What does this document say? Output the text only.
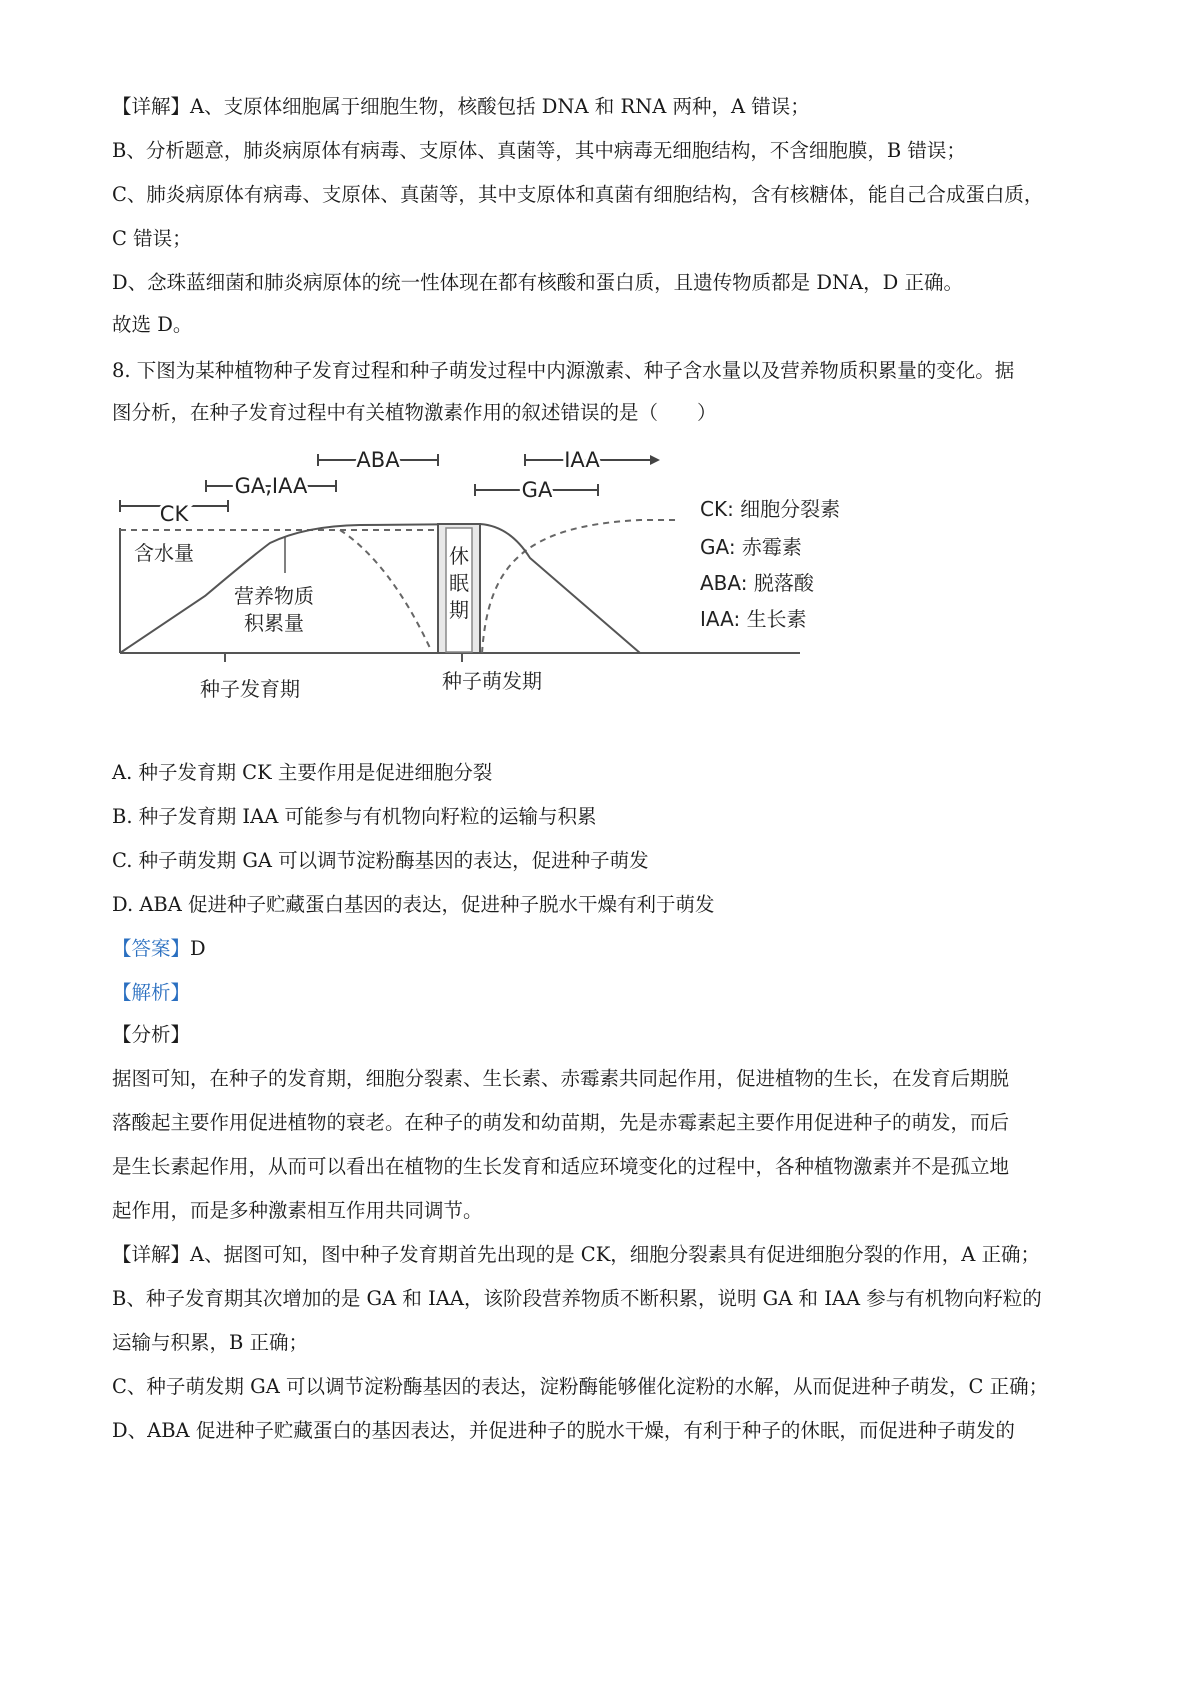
【详解】A、支原体细胞属于细胞生物，核酸包括 DNA 和 RNA 两种，A 错误；
B、分析题意，肺炎病原体有病毒、支原体、真菌等，其中病毒无细胞结构，不含细胞膜，B 错误；
C、肺炎病原体有病毒、支原体、真菌等，其中支原体和真菌有细胞结构，含有核糖体，能自己合成蛋白质，
C 错误；
D、念珠蓝细菌和肺炎病原体的统一性体现在都有核酸和蛋白质，且遗传物质都是 DNA，D 正确。
故选 D。
8. 下图为某种植物种子发育过程和种子萌发过程中内源激素、种子含水量以及营养物质积累量的变化。据
图分析，在种子发育过程中有关植物激素作用的叙述错误的是（　　）
休
眠
期
CK
GA,IAA
ABA
GA
IAA
含水量
营养物质
积累量
种子发育期	种子萌发期
CK: 细胞分裂素
GA: 赤霉素
ABA: 脱落酸
IAA: 生长素
A. 种子发育期 CK 主要作用是促进细胞分裂
B. 种子发育期 IAA 可能参与有机物向籽粒的运输与积累
C. 种子萌发期 GA 可以调节淀粉酶基因的表达，促进种子萌发
D. ABA 促进种子贮藏蛋白基因的表达，促进种子脱水干燥有利于萌发
【答案】D
【解析】
【分析】
据图可知，在种子的发育期，细胞分裂素、生长素、赤霉素共同起作用，促进植物的生长，在发育后期脱
落酸起主要作用促进植物的衰老。在种子的萌发和幼苗期，先是赤霉素起主要作用促进种子的萌发，而后
是生长素起作用，从而可以看出在植物的生长发育和适应环境变化的过程中，各种植物激素并不是孤立地
起作用，而是多种激素相互作用共同调节。
【详解】A、据图可知，图中种子发育期首先出现的是 CK，细胞分裂素具有促进细胞分裂的作用，A 正确；
B、种子发育期其次增加的是 GA 和 IAA，该阶段营养物质不断积累，说明 GA 和 IAA 参与有机物向籽粒的
运输与积累，B 正确；
C、种子萌发期 GA 可以调节淀粉酶基因的表达，淀粉酶能够催化淀粉的水解，从而促进种子萌发，C 正确；
D、ABA 促进种子贮藏蛋白的基因表达，并促进种子的脱水干燥，有利于种子的休眠，而促进种子萌发的
